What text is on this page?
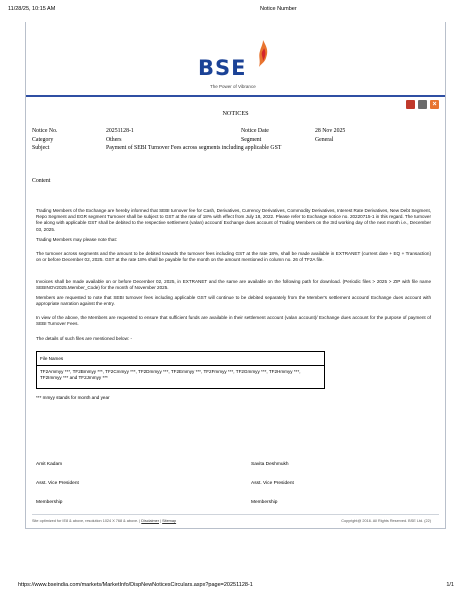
11/28/25, 10:15 AM	Notice Number
BSE
The Power of Vibrance
×
NOTICES
Notice No.	20251128-1	Notice Date	28 Nov 2025
Category	Others	Segment	General
Subject	Payment of SEBI Turnover Fees across segments including applicable GST
Content

Trading Members of the Exchange are hereby informed that SEBI turnover fee for Cash, Derivatives, Currency Derivatives, Commodity Derivatives, Interest Rate Derivatives, New Debt Segment, Repo Segment and EGR segment Turnover shall be subject to GST at the rate of 18% with effect from July 18, 2022. Please refer to Exchange notice no. 20220715-1 in this regard. The turnover fee along with applicable GST shall be debited to the respective settlement (valan) account/ Exchange dues account of Trading Members on the 3rd working day of the next month i.e., December 03, 2025.

Trading Members may please note that:

The turnover across segments and the amount to be debited towards the turnover fees including GST at the rate 18%, shall be made available in EXTRANET (current date + EQ + Transaction) on or before December 02, 2025. GST at the rate 18% shall be payable for the month on the amount mentioned in column no. 26 of TF2A file.

Invoices shall be made available on or before December 02, 2025, in EXTRANET and the same are available on the following path for download. (Periodic files > 2025 > ZIP with file name SEBINOV2025.Member_Code) for the month of November 2025.

Members are requested to note that SEBI turnover fees including applicable GST will continue to be debited separately from the Member's settlement account/ Exchange dues account with appropriate narration against the entry.

In view of the above, the Members are requested to ensure that sufficient funds are available in their settlement account (valan account)/ Exchange dues account for the purpose of payment of SEBI Turnover Fees.

The details of such files are mentioned below: -

File Names
TF2Ammyy ***, TF2Bmmyy ***, TF2Cmmyy ***, TF2Dmmyy ***, TF2Emmyy ***, TF2Fmmyy ***, TF2Gmmyy ***, TF2Hmmyy ***, TF2Immyy *** and TF2Jmmyy ***
*** mmyy stands for month and year
Amit Kadam	Savita Deshmukh
Asst. Vice President	Asst. Vice President
Membership	Membership
Site optimized for IE8 & above, resolution 1024 X 768 & above. | Disclaimer | Sitemap	Copyright@ 2016. All Rights Reserved. BSE Ltd. (22)
https://www.bseindia.com/markets/MarketInfo/DispNewNoticesCirculars.aspx?page=20251128-1	1/1
